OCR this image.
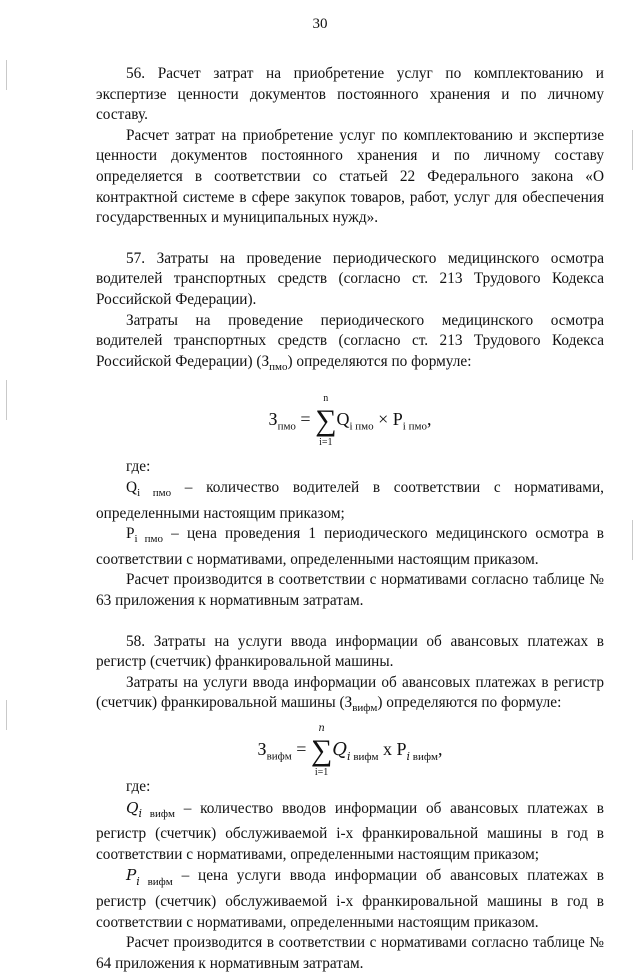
30

56. Расчет затрат на приобретение услуг по комплектованию и экспертизе ценности документов постоянного хранения и по личному составу.

Расчет затрат на приобретение услуг по комплектованию и экспертизе ценности документов постоянного хранения и по личному составу определяется в соответствии со статьей 22 Федерального закона «О контрактной системе в сфере закупок товаров, работ, услуг для обеспечения государственных и муниципальных нужд».

57. Затраты на проведение периодического медицинского осмотра водителей транспортных средств (согласно ст. 213 Трудового Кодекса Российской Федерации).

Затраты на проведение периодического медицинского осмотра водителей транспортных средств (согласно ст. 213 Трудового Кодекса Российской Федерации) $(З_{пмо})$ определяются по формуле:

$З_{пмо}$ = ∑
n
i=1
$Q_{i пмо} \times P_{i пмо}$,

где:

$Q_{i пмо}$ – количество водителей в соответствии с нормативами, определенными настоящим приказом;

$P_{i пмо}$ – цена проведения 1 периодического медицинского осмотра в соответствии с нормативами, определенными настоящим приказом.

Расчет производится в соответствии с нормативами согласно таблице № 63 приложения к нормативным затратам.

58. Затраты на услуги ввода информации об авансовых платежах в регистр (счетчик) франкировальной машины.

Затраты на услуги ввода информации об авансовых платежах в регистр (счетчик) франкировальной машины $(З_{вифм})$ определяются по формуле:

$З_{вифм}$ = ∑
n
i=1
$Q_{i вифм}$ x $P_{i вифм}$,

где:

$Q_{i вифм}$ – количество вводов информации об авансовых платежах в регистр (счетчик) обслуживаемой i-х франкировальной машины в год в соответствии с нормативами, определенными настоящим приказом;

$P_{i вифм}$ – цена услуги ввода информации об авансовых платежах в регистр (счетчик) обслуживаемой i-х франкировальной машины в год в соответствии с нормативами, определенными настоящим приказом.

Расчет производится в соответствии с нормативами согласно таблице № 64 приложения к нормативным затратам.
